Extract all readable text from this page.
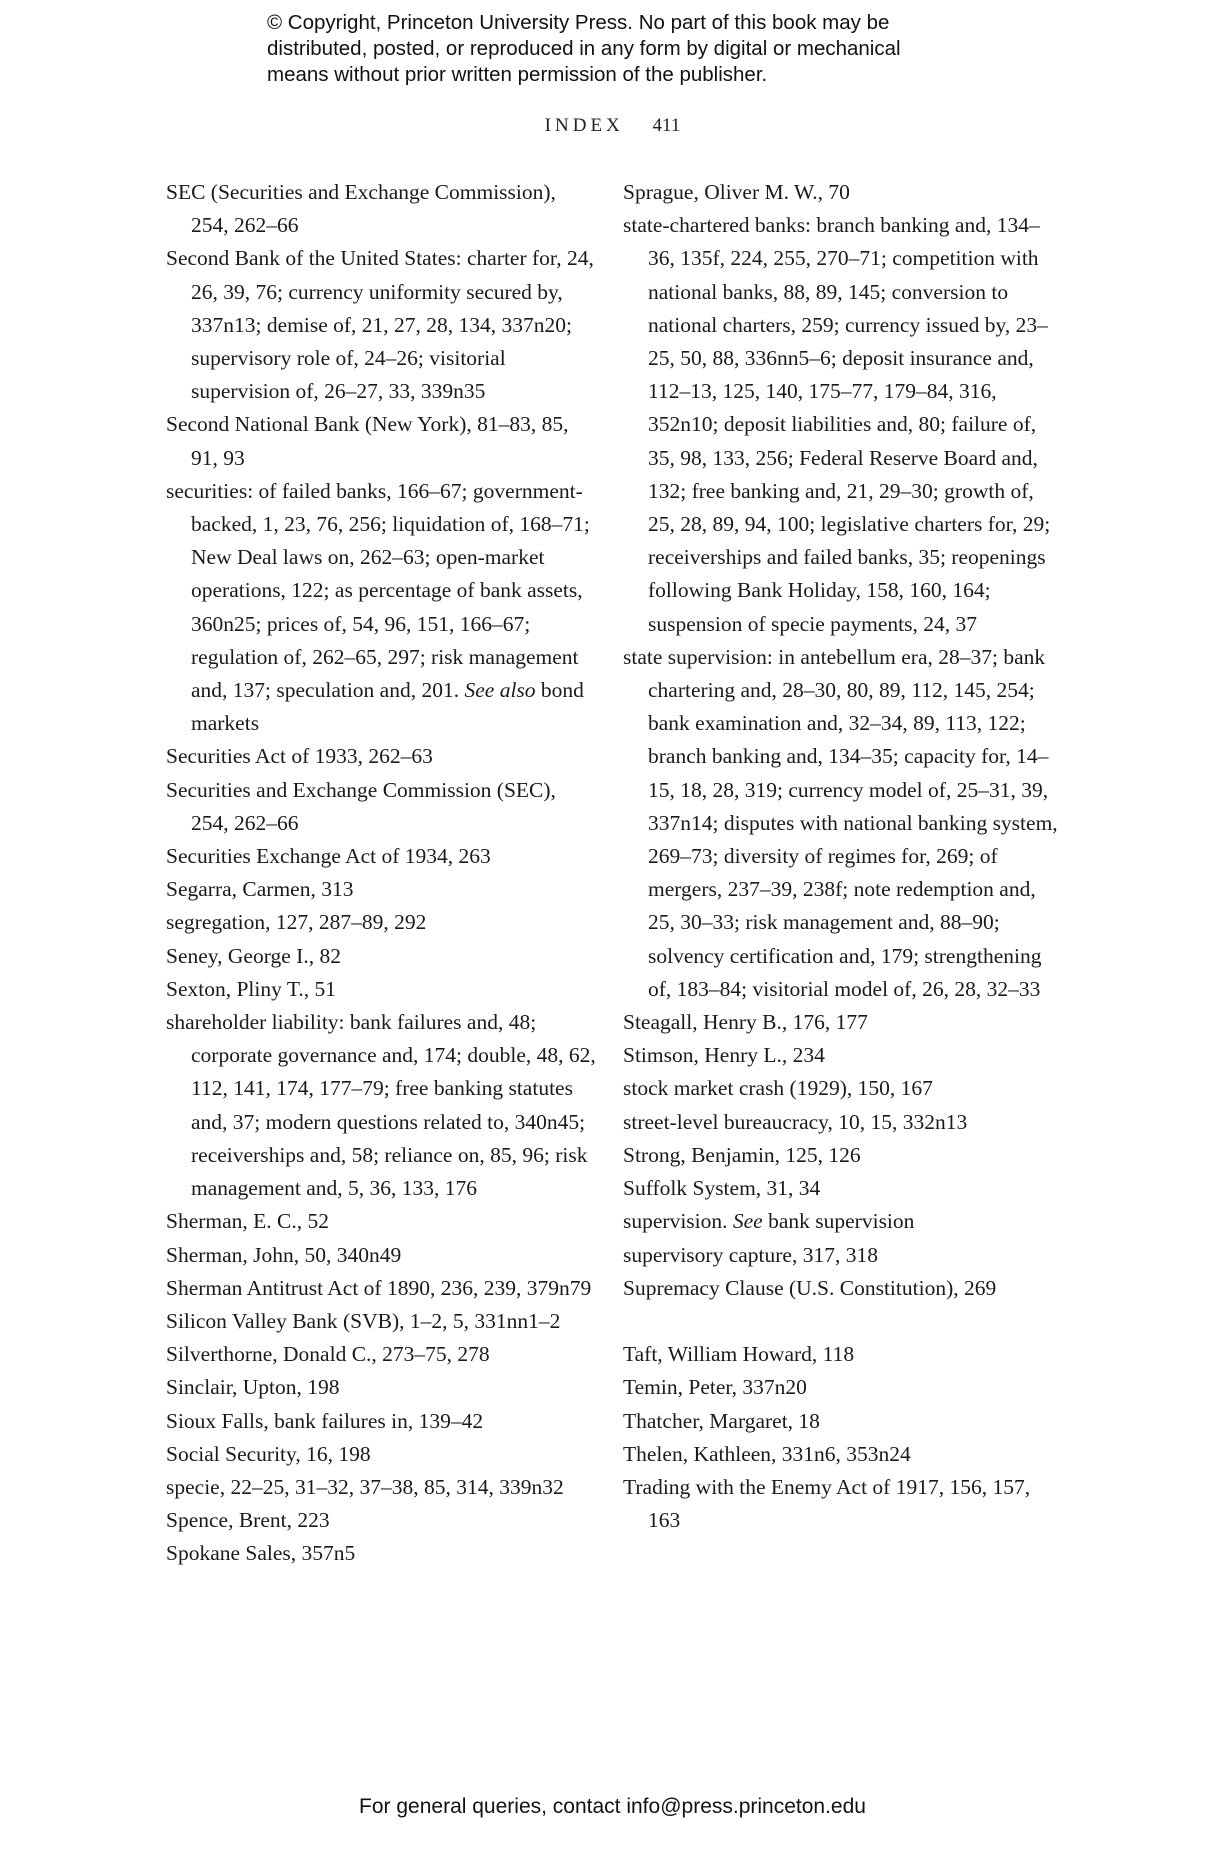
© Copyright, Princeton University Press. No part of this book may be
distributed, posted, or reproduced in any form by digital or mechanical
means without prior written permission of the publisher.
INDEX 411

SEC (Securities and Exchange Commission), 254, 262–66

Second Bank of the United States: charter for, 24, 26, 39, 76; currency uniformity secured by, 337n13; demise of, 21, 27, 28, 134, 337n20; supervisory role of, 24–26; visitorial supervision of, 26–27, 33, 339n35

Second National Bank (New York), 81–83, 85, 91, 93

securities: of failed banks, 166–67; government-backed, 1, 23, 76, 256; liquidation of, 168–71; New Deal laws on, 262–63; open-market operations, 122; as percentage of bank assets, 360n25; prices of, 54, 96, 151, 166–67; regulation of, 262–65, 297; risk management and, 137; speculation and, 201. See also bond markets

Securities Act of 1933, 262–63

Securities and Exchange Commission (SEC), 254, 262–66

Securities Exchange Act of 1934, 263

Segarra, Carmen, 313

segregation, 127, 287–89, 292

Seney, George I., 82

Sexton, Pliny T., 51

shareholder liability: bank failures and, 48; corporate governance and, 174; double, 48, 62, 112, 141, 174, 177–79; free banking statutes and, 37; modern questions related to, 340n45; receiverships and, 58; reliance on, 85, 96; risk management and, 5, 36, 133, 176

Sherman, E. C., 52

Sherman, John, 50, 340n49

Sherman Antitrust Act of 1890, 236, 239, 379n79

Silicon Valley Bank (SVB), 1–2, 5, 331nn1–2

Silverthorne, Donald C., 273–75, 278

Sinclair, Upton, 198

Sioux Falls, bank failures in, 139–42

Social Security, 16, 198

specie, 22–25, 31–32, 37–38, 85, 314, 339n32

Spence, Brent, 223

Spokane Sales, 357n5

Sprague, Oliver M. W., 70

state-chartered banks: branch banking and, 134–36, 135f, 224, 255, 270–71; competition with national banks, 88, 89, 145; conversion to national charters, 259; currency issued by, 23–25, 50, 88, 336nn5–6; deposit insurance and, 112–13, 125, 140, 175–77, 179–84, 316, 352n10; deposit liabilities and, 80; failure of, 35, 98, 133, 256; Federal Reserve Board and, 132; free banking and, 21, 29–30; growth of, 25, 28, 89, 94, 100; legislative charters for, 29; receiverships and failed banks, 35; reopenings following Bank Holiday, 158, 160, 164; suspension of specie payments, 24, 37

state supervision: in antebellum era, 28–37; bank chartering and, 28–30, 80, 89, 112, 145, 254; bank examination and, 32–34, 89, 113, 122; branch banking and, 134–35; capacity for, 14–15, 18, 28, 319; currency model of, 25–31, 39, 337n14; disputes with national banking system, 269–73; diversity of regimes for, 269; of mergers, 237–39, 238f; note redemption and, 25, 30–33; risk management and, 88–90; solvency certification and, 179; strengthening of, 183–84; visitorial model of, 26, 28, 32–33

Steagall, Henry B., 176, 177

Stimson, Henry L., 234

stock market crash (1929), 150, 167

street-level bureaucracy, 10, 15, 332n13

Strong, Benjamin, 125, 126

Suffolk System, 31, 34

supervision. See bank supervision

supervisory capture, 317, 318

Supremacy Clause (U.S. Constitution), 269

Taft, William Howard, 118

Temin, Peter, 337n20

Thatcher, Margaret, 18

Thelen, Kathleen, 331n6, 353n24

Trading with the Enemy Act of 1917, 156, 157, 163

For general queries, contact info@press.princeton.edu
